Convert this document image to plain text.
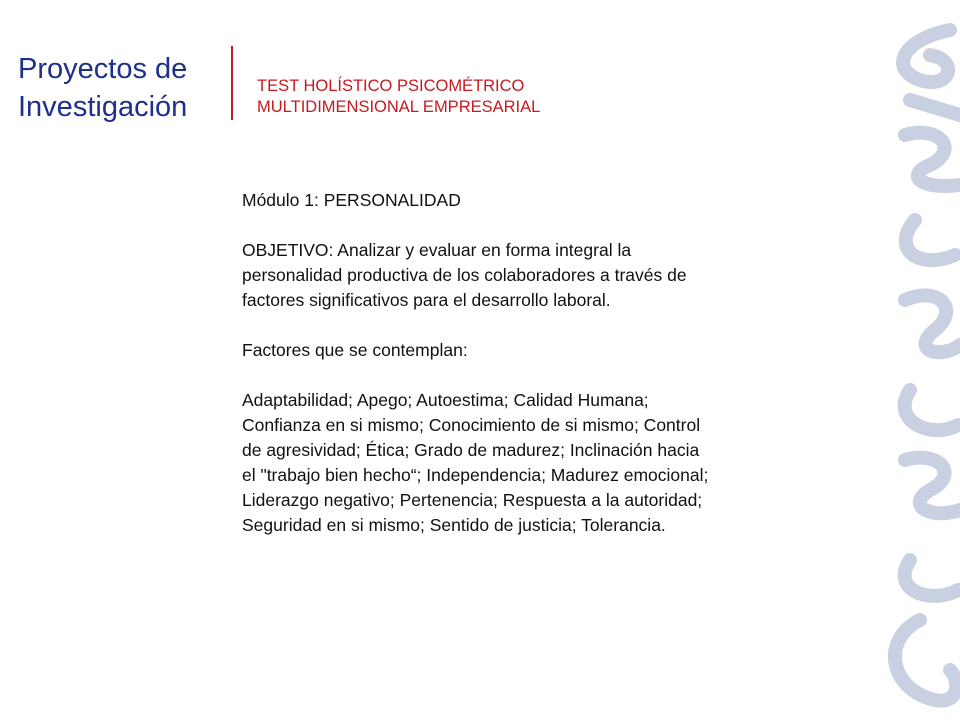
Proyectos de
Investigación
TEST HOLÍSTICO PSICOMÉTRICO
MULTIDIMENSIONAL EMPRESARIAL

Módulo 1: PERSONALIDAD

OBJETIVO: Analizar y evaluar en forma integral la

personalidad productiva de los colaboradores a través de

factores significativos para el desarrollo laboral.

Factores que se contemplan:

Adaptabilidad; Apego; Autoestima; Calidad Humana;

Confianza en si mismo; Conocimiento de si mismo; Control

de agresividad; Ética; Grado de madurez; Inclinación hacia

el "trabajo bien hecho“; Independencia; Madurez emocional;

Liderazgo negativo; Pertenencia; Respuesta a la autoridad;

Seguridad en si mismo; Sentido de justicia; Tolerancia.
